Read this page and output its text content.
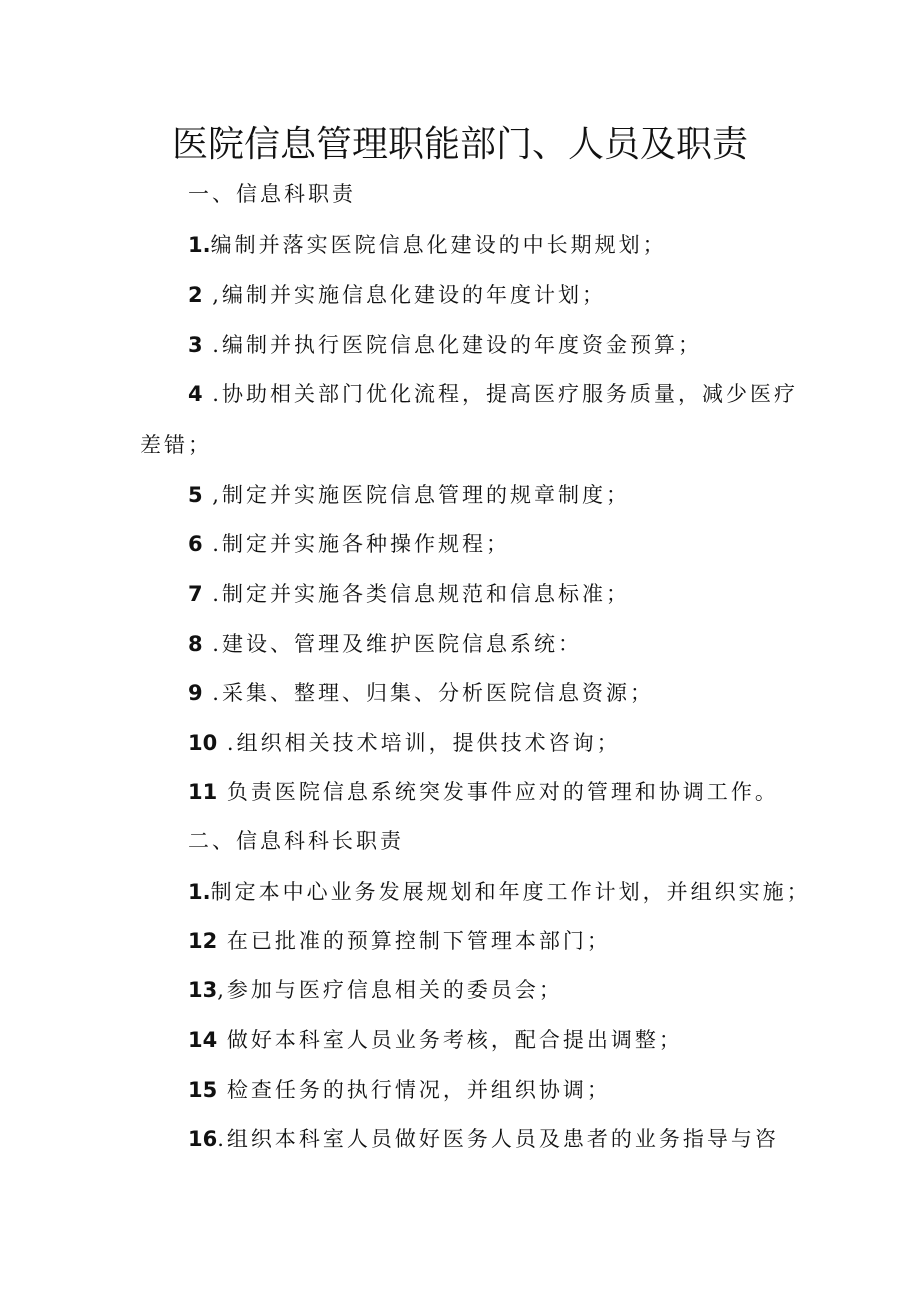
医院信息管理职能部门、人员及职责

一、信息科职责

1.编制并落实医院信息化建设的中长期规划；

2 ,编制并实施信息化建设的年度计划；

3 .编制并执行医院信息化建设的年度资金预算；

4 .协助相关部门优化流程，提高医疗服务质量，减少医疗

差错；

5 ,制定并实施医院信息管理的规章制度；

6 .制定并实施各种操作规程；

7 .制定并实施各类信息规范和信息标准；

8 .建设、管理及维护医院信息系统：

9 .采集、整理、归集、分析医院信息资源；

10 .组织相关技术培训，提供技术咨询；

11 负责医院信息系统突发事件应对的管理和协调工作。

二、信息科科长职责

1.制定本中心业务发展规划和年度工作计划，并组织实施；

12 在已批准的预算控制下管理本部门；

13,参加与医疗信息相关的委员会；

14 做好本科室人员业务考核，配合提出调整；

15 检查任务的执行情况，并组织协调；

16.组织本科室人员做好医务人员及患者的业务指导与咨
